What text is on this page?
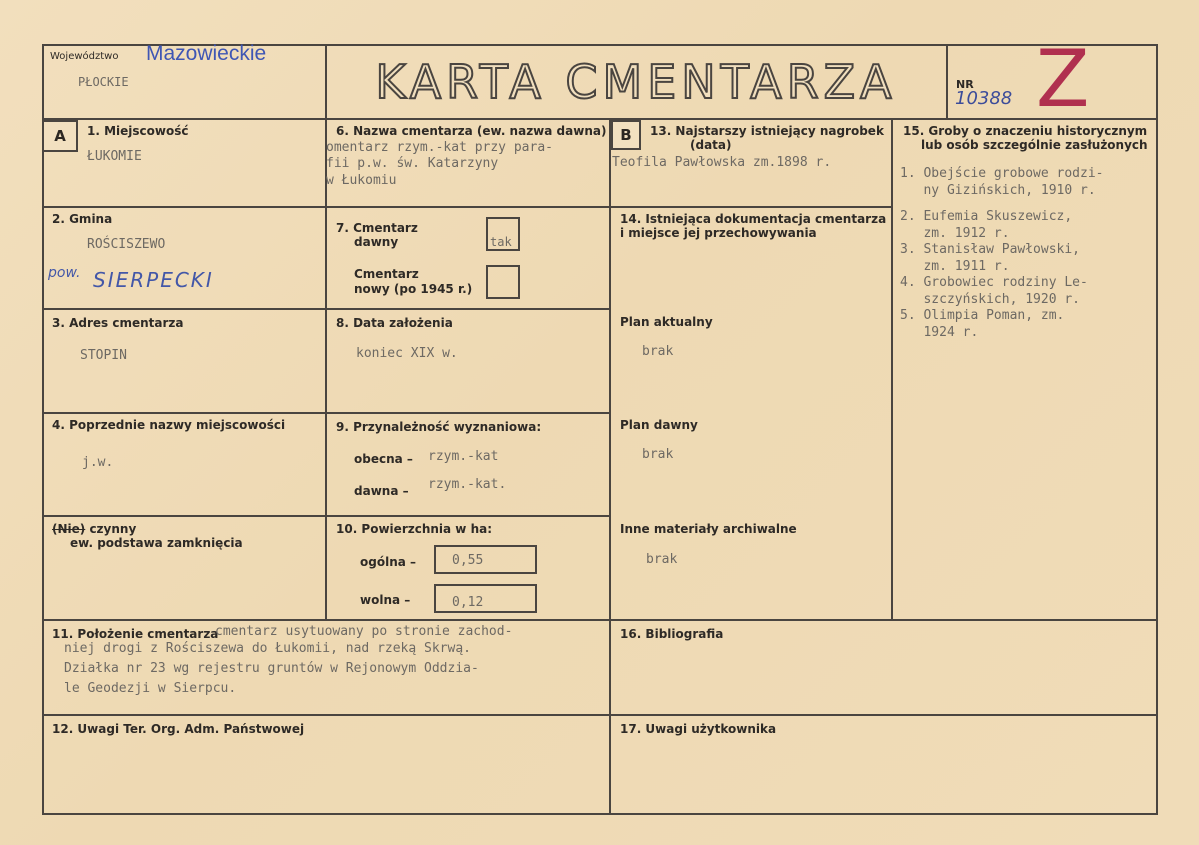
Województwo Mazowieckie
PŁOCKIE	KARTA CMENTARZA	NR
10388 Z
A	1. Miejscowość
ŁUKOMIE
2. Gmina
ROŚCISZEWO
pow. SIERPECKI
3. Adres cmentarza
STOPIN
4. Poprzednie nazwy miejscowości
j.w.
(Nie) czynny
ew. podstawa zamknięcia
6. Nazwa cmentarza (ew. nazwa dawna)
omentarz rzym.-kat przy para-
fii p.w. św. Katarzyny
w Łukomiu
7. Cmentarz
dawny	tak
Cmentarz
nowy (po 1945 r.)
8. Data założenia
koniec XIX w.
9. Przynależność wyznaniowa:
obecna – rzym.-kat
dawna – rzym.-kat.
10. Powierzchnia w ha:
ogólna –	0,55
wolna –	0,12
B	13. Najstarszy istniejący nagrobek
(data)
Teofila Pawłowska zm.1898 r.
14. Istniejąca dokumentacja cmentarza
i miejsce jej przechowywania
Plan aktualny
brak
Plan dawny
brak
Inne materiały archiwalne
brak
15. Groby o znaczeniu historycznym
lub osób szczególnie zasłużonych
1. Obejście grobowe rodzi-
ny Gizińskich, 1910 r.
2. Eufemia Skuszewicz,
zm. 1912 r.
3. Stanisław Pawłowski,
zm. 1911 r.
4. Grobowiec rodziny Le-
szczyńskich, 1920 r.
5. Olimpia Poman, zm.
1924 r.
11. Położenie cmentarza
cmentarz usytuowany po stronie zachod-
niej drogi z Rościszewa do Łukomii, nad rzeką Skrwą.
Działka nr 23 wg rejestru gruntów w Rejonowym Oddzia-
le Geodezji w Sierpcu.
16. Bibliografia
12. Uwagi Ter. Org. Adm. Państwowej	17. Uwagi użytkownika
